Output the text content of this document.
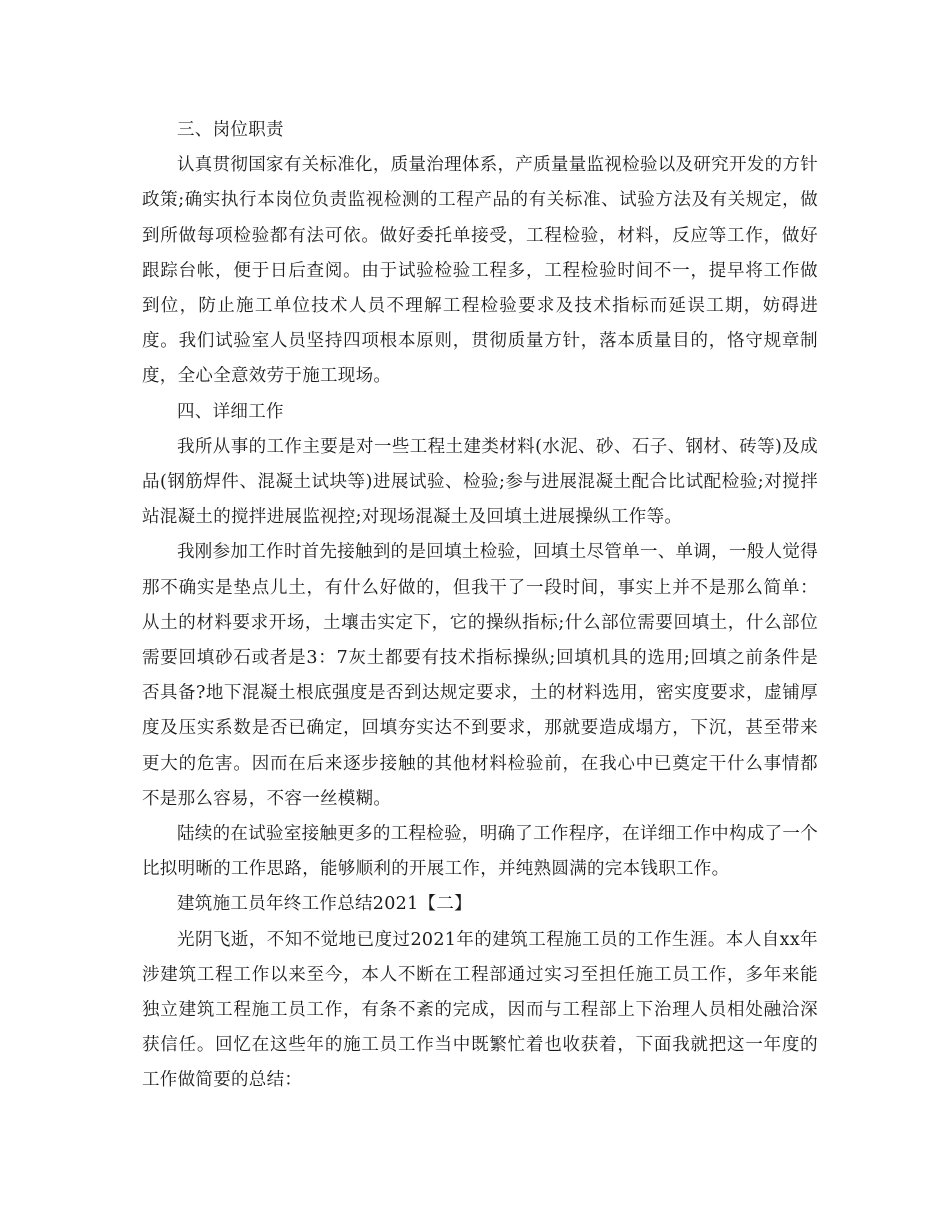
三、岗位职责

认真贯彻国家有关标准化，质量治理体系，产质量量监视检验以及研究开发的方针政策;确实执行本岗位负责监视检测的工程产品的有关标准、试验方法及有关规定，做到所做每项检验都有法可依。做好委托单接受，工程检验，材料，反应等工作，做好跟踪台帐，便于日后查阅。由于试验检验工程多，工程检验时间不一，提早将工作做到位，防止施工单位技术人员不理解工程检验要求及技术指标而延误工期，妨碍进度。我们试验室人员坚持四项根本原则，贯彻质量方针，落本质量目的，恪守规章制度，全心全意效劳于施工现场。

四、详细工作

我所从事的工作主要是对一些工程土建类材料(水泥、砂、石子、钢材、砖等)及成品(钢筋焊件、混凝土试块等)进展试验、检验;参与进展混凝土配合比试配检验;对搅拌站混凝土的搅拌进展监视控;对现场混凝土及回填土进展操纵工作等。

我刚参加工作时首先接触到的是回填土检验，回填土尽管单一、单调，一般人觉得那不确实是垫点儿土，有什么好做的，但我干了一段时间，事实上并不是那么简单：从土的材料要求开场，土壤击实定下，它的操纵指标;什么部位需要回填土，什么部位需要回填砂石或者是3：7灰土都要有技术指标操纵;回填机具的选用;回填之前条件是否具备?地下混凝土根底强度是否到达规定要求，土的材料选用，密实度要求，虚铺厚度及压实系数是否已确定，回填夯实达不到要求，那就要造成塌方，下沉，甚至带来更大的危害。因而在后来逐步接触的其他材料检验前，在我心中已奠定干什么事情都不是那么容易，不容一丝模糊。

陆续的在试验室接触更多的工程检验，明确了工作程序，在详细工作中构成了一个比拟明晰的工作思路，能够顺利的开展工作，并纯熟圆满的完本钱职工作。

建筑施工员年终工作总结2021【二】

光阴飞逝，不知不觉地已度过2021年的建筑工程施工员的工作生涯。本人自xx年涉建筑工程工作以来至今，本人不断在工程部通过实习至担任施工员工作，多年来能独立建筑工程施工员工作，有条不紊的完成，因而与工程部上下治理人员相处融洽深获信任。回忆在这些年的施工员工作当中既繁忙着也收获着，下面我就把这一年度的工作做简要的总结：
